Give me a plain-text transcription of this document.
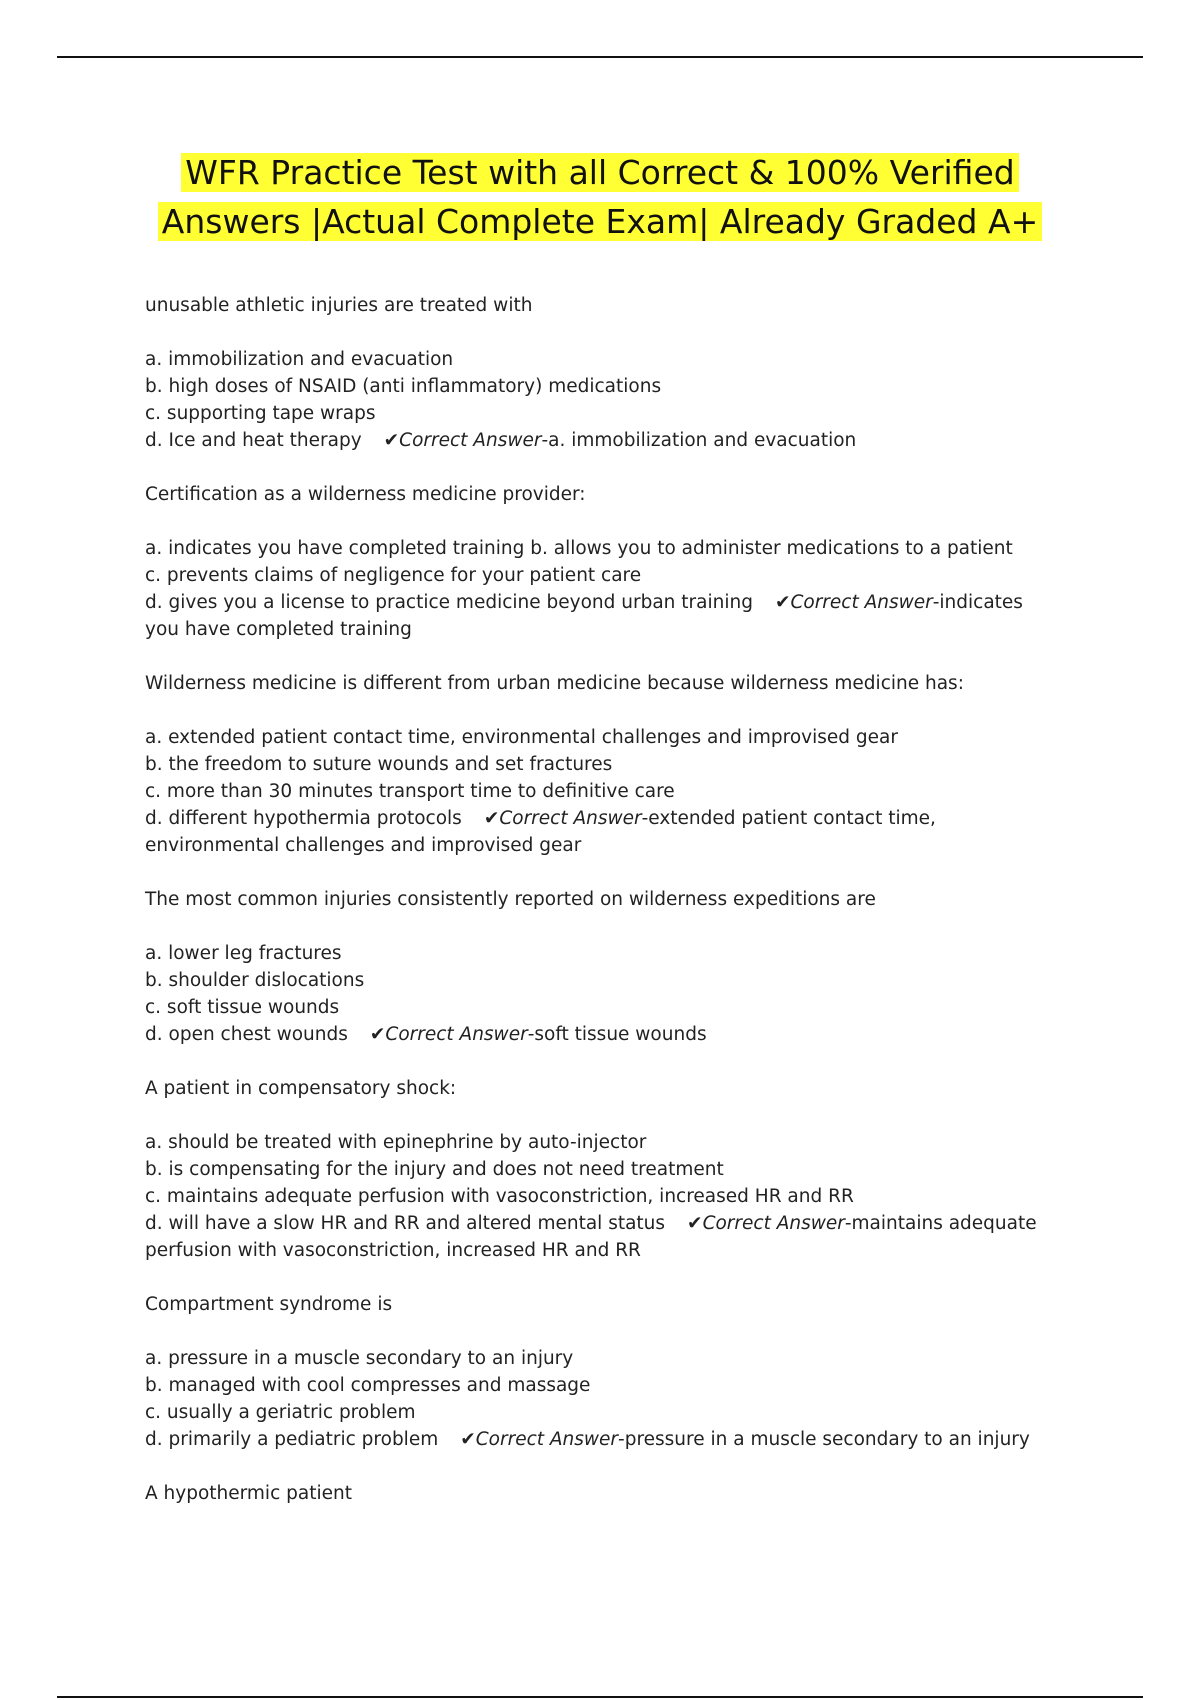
WFR Practice Test with all Correct & 100% Verified
Answers |Actual Complete Exam| Already Graded A+
unusable athletic injuries are treated with
a. immobilization and evacuation
b. high doses of NSAID (anti inflammatory) medications
c. supporting tape wraps
d. Ice and heat therapy ✔Correct Answer-a. immobilization and evacuation
Certification as a wilderness medicine provider:
a. indicates you have completed training b. allows you to administer medications to a patient
c. prevents claims of negligence for your patient care
d. gives you a license to practice medicine beyond urban training ✔Correct Answer-indicates you have completed training
Wilderness medicine is different from urban medicine because wilderness medicine has:
a. extended patient contact time, environmental challenges and improvised gear
b. the freedom to suture wounds and set fractures
c. more than 30 minutes transport time to definitive care
d. different hypothermia protocols ✔Correct Answer-extended patient contact time, environmental challenges and improvised gear
The most common injuries consistently reported on wilderness expeditions are
a. lower leg fractures
b. shoulder dislocations
c. soft tissue wounds
d. open chest wounds ✔Correct Answer-soft tissue wounds
A patient in compensatory shock:
a. should be treated with epinephrine by auto-injector
b. is compensating for the injury and does not need treatment
c. maintains adequate perfusion with vasoconstriction, increased HR and RR
d. will have a slow HR and RR and altered mental status ✔Correct Answer-maintains adequate perfusion with vasoconstriction, increased HR and RR
Compartment syndrome is
a. pressure in a muscle secondary to an injury
b. managed with cool compresses and massage
c. usually a geriatric problem
d. primarily a pediatric problem ✔Correct Answer-pressure in a muscle secondary to an injury
A hypothermic patient
